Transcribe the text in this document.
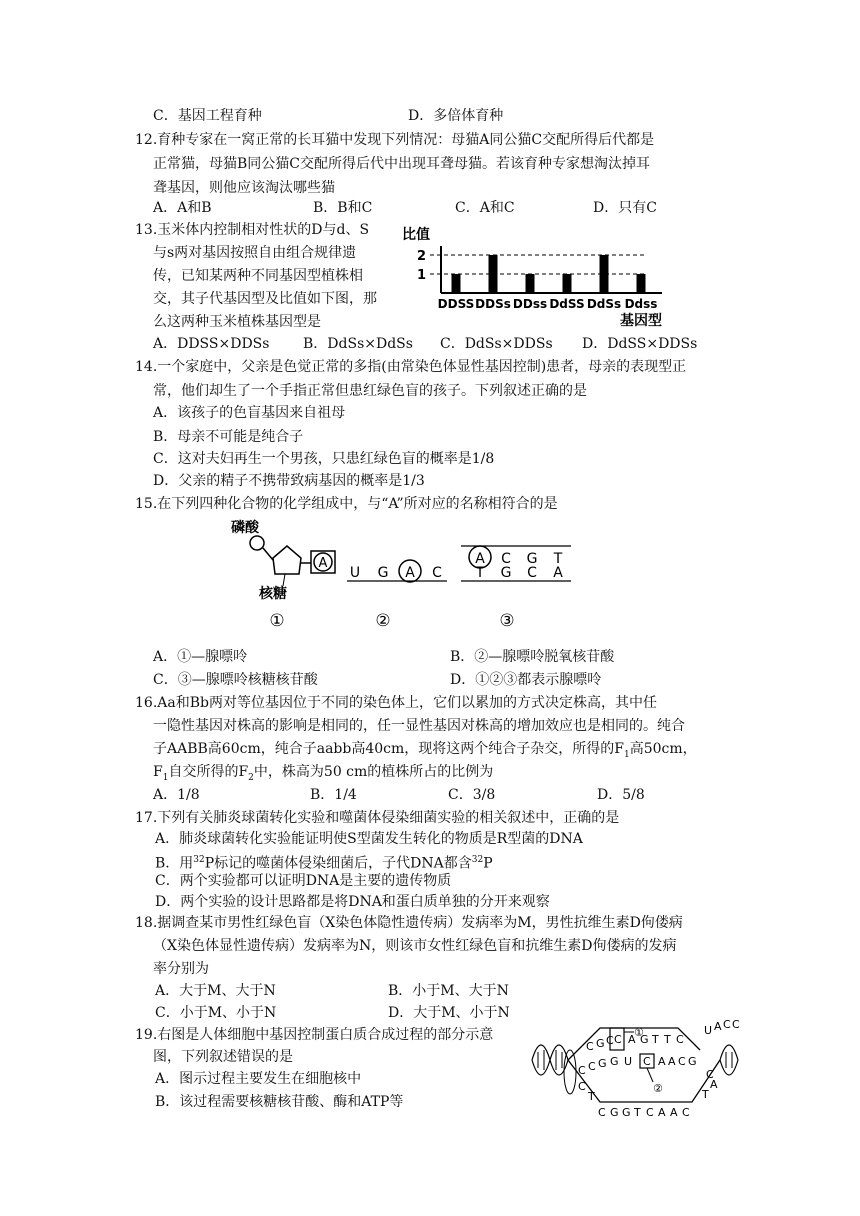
C．基因工程育种	D．多倍体育种
12.育种专家在一窝正常的长耳猫中发现下列情况：母猫A同公猫C交配所得后代都是
正常猫，母猫B同公猫C交配所得后代中出现耳聋母猫。若该育种专家想淘汰掉耳
聋基因，则他应该淘汰哪些猫
A．A和B	B．B和C	C．A和C	D．只有C
13.玉米体内控制相对性状的D与d、S
与s两对基因按照自由组合规律遗
传，已知某两种不同基因型植株相
交，其子代基因型及比值如下图，那
么这两种玉米植株基因型是
比值
2
1
DDSS DDSs DDss DdSS DdSs Ddss
基因型
A．DDSS×DDSs B．DdSs×DdSs C．DdSs×DDSs D．DdSS×DDSs
14.一个家庭中，父亲是色觉正常的多指(由常染色体显性基因控制)患者，母亲的表现型正
常，他们却生了一个手指正常但患红绿色盲的孩子。下列叙述正确的是
A．该孩子的色盲基因来自祖母
B．母亲不可能是纯合子
C．这对夫妇再生一个男孩，只患红绿色盲的概率是1/8
D．父亲的精子不携带致病基因的概率是1/3
15.在下列四种化合物的化学组成中，与“A”所对应的名称相符合的是
磷酸
A
核糖
①
U G A C
②
A C G T
T G C A
③
A．①—腺嘌呤	B．②—腺嘌呤脱氧核苷酸
C．③—腺嘌呤核糖核苷酸	D．①②③都表示腺嘌呤
16.Aa和Bb两对等位基因位于不同的染色体上，它们以累加的方式决定株高，其中任
一隐性基因对株高的影响是相同的，任一显性基因对株高的增加效应也是相同的。纯合
子AABB高60cm，纯合子aabb高40cm，现将这两个纯合子杂交，所得的$F_1$高50cm，
$F_1$自交所得的$F_2$中，株高为50 cm的植株所占的比例为
A．1/8	B．1/4	C．3/8	D．5/8
17.下列有关肺炎球菌转化实验和噬菌体侵染细菌实验的相关叙述中，正确的是
A．肺炎球菌转化实验能证明使S型菌发生转化的物质是R型菌的DNA
B．用$^{32}$P标记的噬菌体侵染细菌后，子代DNA都含$^{32}$P
C．两个实验都可以证明DNA是主要的遗传物质
D．两个实验的设计思路都是将DNA和蛋白质单独的分开来观察
18.据调查某市男性红绿色盲（X染色体隐性遗传病）发病率为M，男性抗维生素D佝偻病
（X染色体显性遗传病）发病率为N，则该市女性红绿色盲和抗维生素D佝偻病的发病
率分别为
A．大于M、大于N	B．小于M、大于N
C．小于M、小于N	D．大于M、小于N
19.右图是人体细胞中基因控制蛋白质合成过程的部分示意
图，下列叙述错误的是
A．图示过程主要发生在细胞核中
B．该过程需要核糖核苷酸、酶和ATP等
C G C C
①
A G T T C
C C G G U C
②
A A C G
U A C C
C
A
T
C
T
C G G T C A A C
